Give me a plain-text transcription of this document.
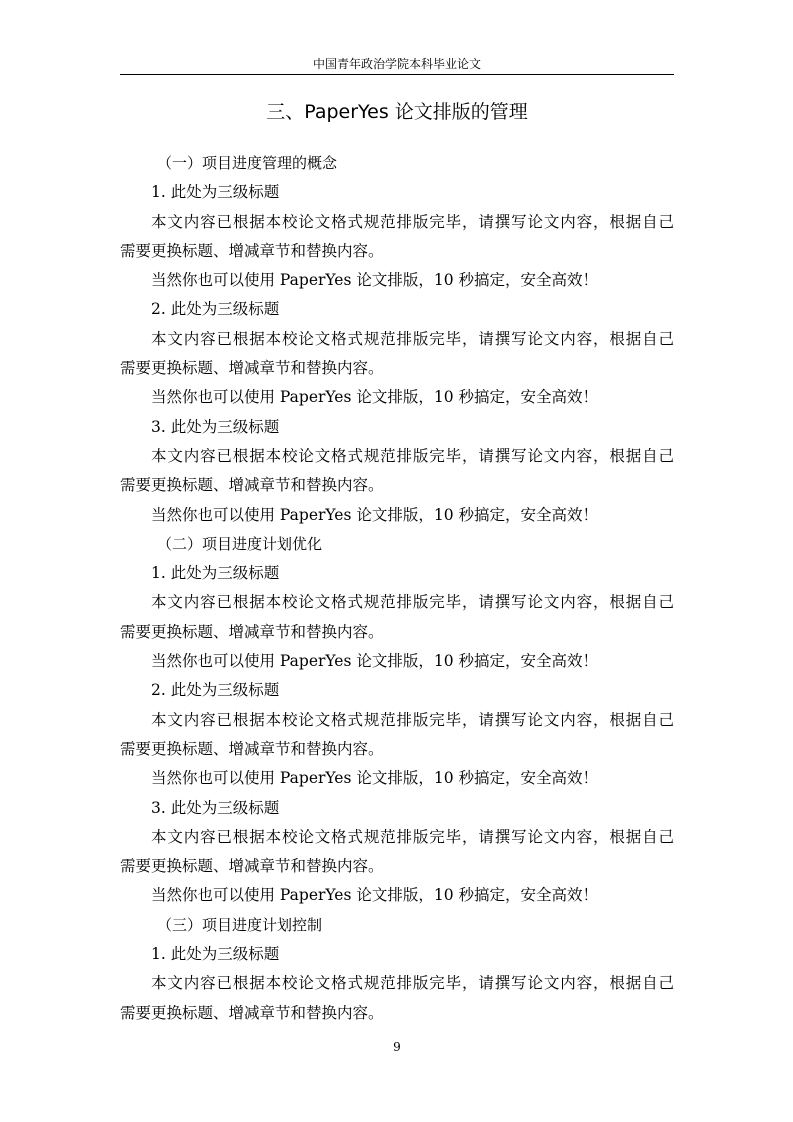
中国青年政治学院本科毕业论文
三、PaperYes 论文排版的管理
（一）项目进度管理的概念
1. 此处为三级标题
本文内容已根据本校论文格式规范排版完毕，请撰写论文内容，根据自己
需要更换标题、增减章节和替换内容。
当然你也可以使用 PaperYes 论文排版，10 秒搞定，安全高效！
2. 此处为三级标题
本文内容已根据本校论文格式规范排版完毕，请撰写论文内容，根据自己
需要更换标题、增减章节和替换内容。
当然你也可以使用 PaperYes 论文排版，10 秒搞定，安全高效！
3. 此处为三级标题
本文内容已根据本校论文格式规范排版完毕，请撰写论文内容，根据自己
需要更换标题、增减章节和替换内容。
当然你也可以使用 PaperYes 论文排版，10 秒搞定，安全高效！
（二）项目进度计划优化
1. 此处为三级标题
本文内容已根据本校论文格式规范排版完毕，请撰写论文内容，根据自己
需要更换标题、增减章节和替换内容。
当然你也可以使用 PaperYes 论文排版，10 秒搞定，安全高效！
2. 此处为三级标题
本文内容已根据本校论文格式规范排版完毕，请撰写论文内容，根据自己
需要更换标题、增减章节和替换内容。
当然你也可以使用 PaperYes 论文排版，10 秒搞定，安全高效！
3. 此处为三级标题
本文内容已根据本校论文格式规范排版完毕，请撰写论文内容，根据自己
需要更换标题、增减章节和替换内容。
当然你也可以使用 PaperYes 论文排版，10 秒搞定，安全高效！
（三）项目进度计划控制
1. 此处为三级标题
本文内容已根据本校论文格式规范排版完毕，请撰写论文内容，根据自己
需要更换标题、增减章节和替换内容。
9
